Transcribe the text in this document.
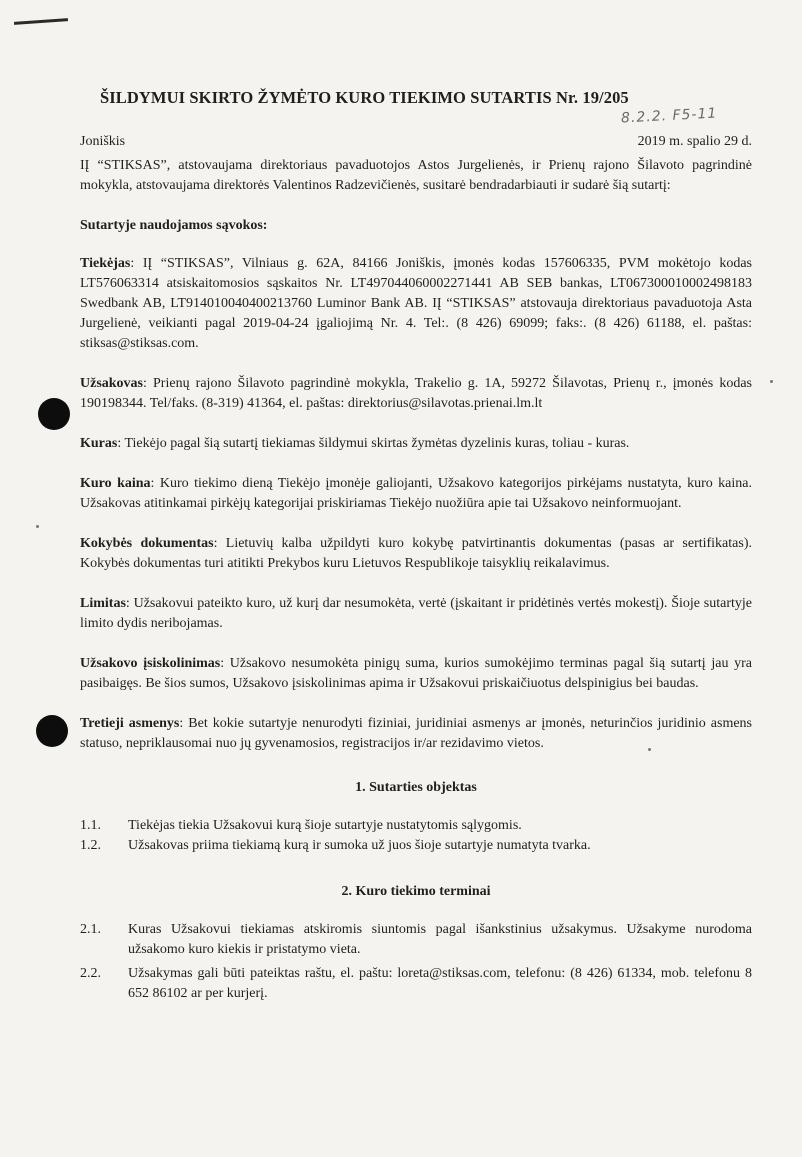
ŠILDYMUI SKIRTO ŽYMĖTO KURO TIEKIMO SUTARTIS Nr. 19/205
8.2.2. F5-11
Joniškis	2019 m. spalio 29 d.

IĮ “STIKSAS”, atstovaujama direktoriaus pavaduotojos Astos Jurgelienės, ir Prienų rajono Šilavoto pagrindinė mokykla, atstovaujama direktorės Valentinos Radzevičienės, susitarė bendradarbiauti ir sudarė šią sutartį:

Sutartyje naudojamos sąvokos:

Tiekėjas: IĮ “STIKSAS”, Vilniaus g. 62A, 84166 Joniškis, įmonės kodas 157606335, PVM mokėtojo kodas LT576063314 atsiskaitomosios sąskaitos Nr. LT497044060002271441 AB SEB bankas, LT067300010002498183 Swedbank AB, LT914010040400213760 Luminor Bank AB. IĮ “STIKSAS” atstovauja direktoriaus pavaduotoja Asta Jurgelienė, veikianti pagal 2019-04-24 įgaliojimą Nr. 4. Tel:. (8 426) 69099; faks:. (8 426) 61188, el. paštas: stiksas@stiksas.com.

Užsakovas: Prienų rajono Šilavoto pagrindinė mokykla, Trakelio g. 1A, 59272 Šilavotas, Prienų r., įmonės kodas 190198344. Tel/faks. (8-319) 41364, el. paštas: direktorius@silavotas.prienai.lm.lt

Kuras: Tiekėjo pagal šią sutartį tiekiamas šildymui skirtas žymėtas dyzelinis kuras, toliau - kuras.

Kuro kaina: Kuro tiekimo dieną Tiekėjo įmonėje galiojanti, Užsakovo kategorijos pirkėjams nustatyta, kuro kaina. Užsakovas atitinkamai pirkėjų kategorijai priskiriamas Tiekėjo nuožiūra apie tai Užsakovo neinformuojant.

Kokybės dokumentas: Lietuvių kalba užpildyti kuro kokybę patvirtinantis dokumentas (pasas ar sertifikatas). Kokybės dokumentas turi atitikti Prekybos kuru Lietuvos Respublikoje taisyklių reikalavimus.

Limitas: Užsakovui pateikto kuro, už kurį dar nesumokėta, vertė (įskaitant ir pridėtinės vertės mokestį). Šioje sutartyje limito dydis neribojamas.

Užsakovo įsiskolinimas: Užsakovo nesumokėta pinigų suma, kurios sumokėjimo terminas pagal šią sutartį jau yra pasibaigęs. Be šios sumos, Užsakovo įsiskolinimas apima ir Užsakovui priskaičiuotus delspinigius bei baudas.

Tretieji asmenys: Bet kokie sutartyje nenurodyti fiziniai, juridiniai asmenys ar įmonės, neturinčios juridinio asmens statuso, nepriklausomai nuo jų gyvenamosios, registracijos ir/ar rezidavimo vietos.

1. Sutarties objektas
1.1.	Tiekėjas tiekia Užsakovui kurą šioje sutartyje nustatytomis sąlygomis.
1.2.	Užsakovas priima tiekiamą kurą ir sumoka už juos šioje sutartyje numatyta tvarka.
2. Kuro tiekimo terminai
2.1.	Kuras Užsakovui tiekiamas atskiromis siuntomis pagal išankstinius užsakymus. Užsakyme nurodoma užsakomo kuro kiekis ir pristatymo vieta.
2.2.	Užsakymas gali būti pateiktas raštu, el. paštu: loreta@stiksas.com, telefonu: (8 426) 61334, mob. telefonu 8 652 86102 ar per kurjerį.
